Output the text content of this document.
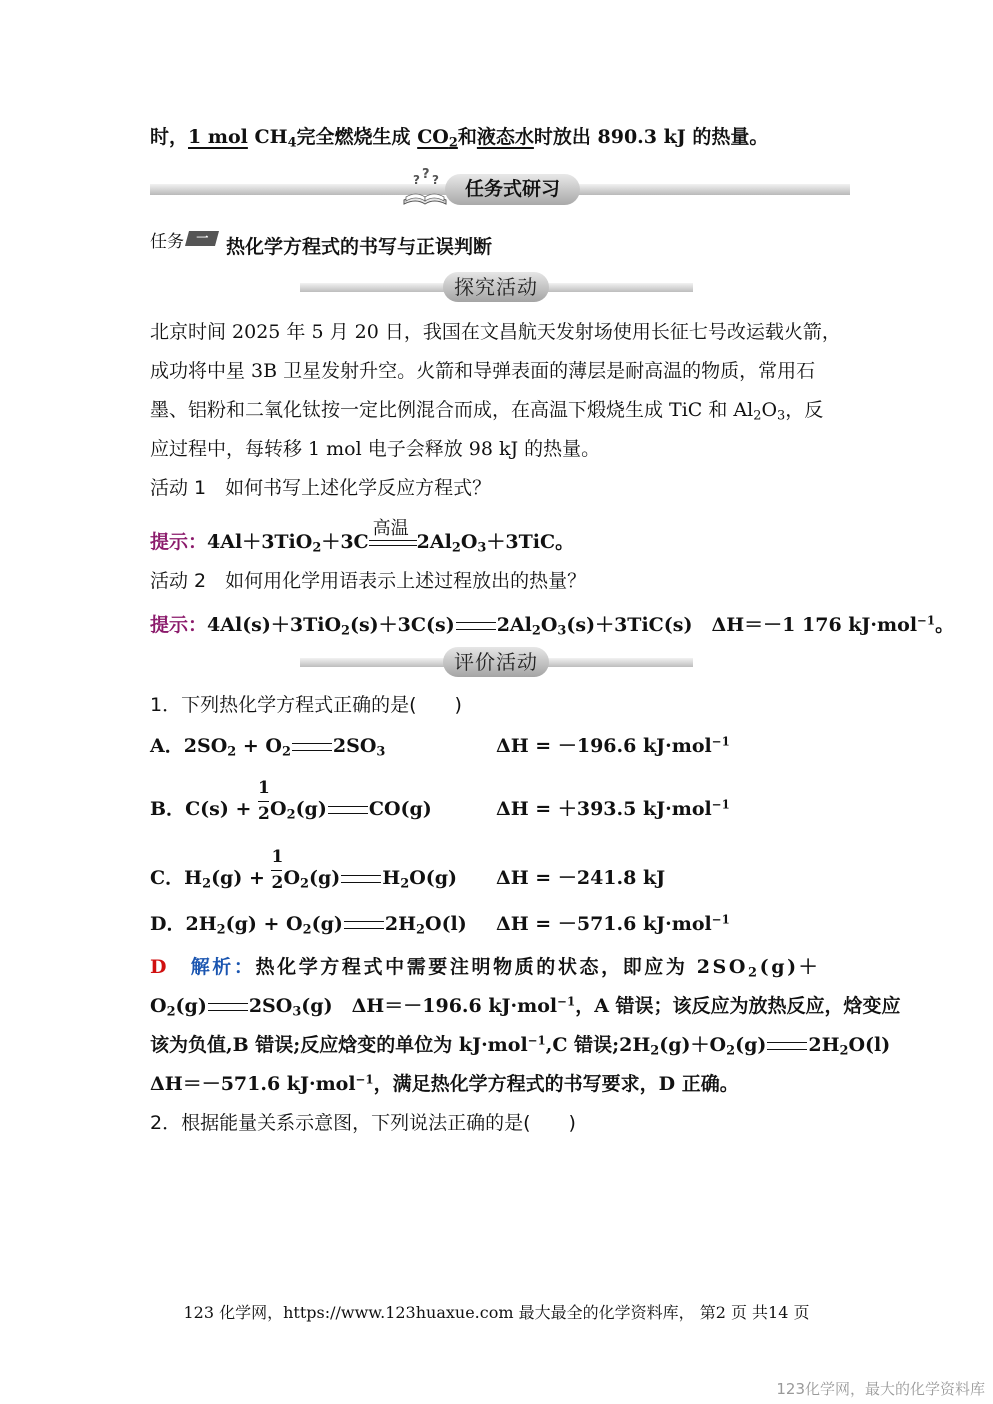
时，1 mol $CH_4$完全燃烧生成 $CO_2$和液态水时放出 890.3 kJ 的热量。
? ? ?	任务式研习
任务 一 热化学方程式的书写与正误判断
探究活动
北京时间 2025 年 5 月 20 日，我国在文昌航天发射场使用长征七号改运载火箭，
成功将中星 3B 卫星发射升空。火箭和导弹表面的薄层是耐高温的物质，常用石
墨、铝粉和二氧化钛按一定比例混合而成，在高温下煅烧生成 TiC 和 $Al_2O_3$，反
应过程中，每转移 1 mol 电子会释放 98 kJ 的热量。
活动 1  如何书写上述化学反应方程式？
提示：4Al＋3TiO$_2$＋3C
高温
$2Al_2O_3+3TiC$。
活动 2  如何用化学用语表示上述过程放出的热量？
提示：4Al(s)＋3TiO$_2$(s)＋3C(s) $2Al_2O_3(s)+3TiC(s)$  ΔH＝－1 176 kJ·mol$^{-1}$。
评价活动
1．下列热化学方程式正确的是(　　)
A．$2SO_2 + O_2$ $2SO_3$	ΔH = －196.6 kJ·mol$^{-1}$
B．$C(s) + \frac{1}{2} O_2(g)$ CO(g)	ΔH = ＋393.5 kJ·mol$^{-1}$
C．$H_2(g) + \frac{1}{2} O_2(g)$ $H_2O(g) \Delta H = -241.8$ kJ
D．$2H_2(g) + O_2(g)$ $2H_2O(l) \Delta H = -571.6$ kJ·mol$^{-1}$
D  解析：热化学方程式中需要注明物质的状态，即应为 $2SO_2(g)+$
$O_2(g)$ $2SO_3(g)$ ΔH＝－196.6 kJ·mol$^{-1}$，A 错误；该反应为放热反应，焓变应
该为负值,B 错误;反应焓变的单位为 kJ·mol$^{-1}$,C 错误$;2H_2(g)+O_2(g)$ $2H_2O(l)$
ΔH＝－571.6 kJ·mol$^{-1}$，满足热化学方程式的书写要求，D 正确。
2．根据能量关系示意图，下列说法正确的是(　　)
123 化学网，https://www.123huaxue.com 最大最全的化学资料库， 第2 页 共14 页
123化学网，最大的化学资料库
